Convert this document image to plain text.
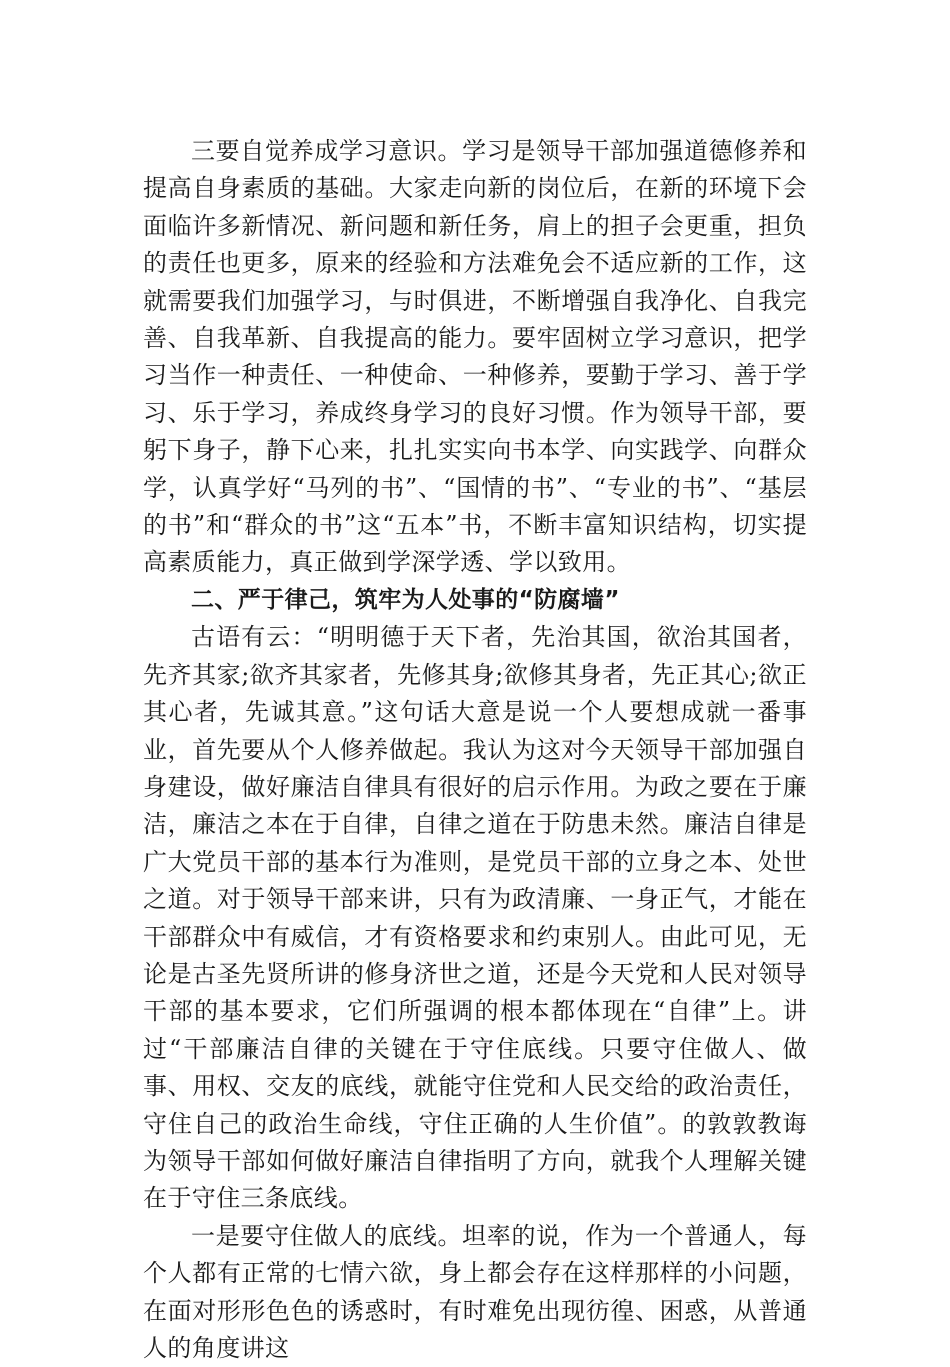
三要自觉养成学习意识。学习是领导干部加强道德修养和提高自身素质的基础。大家走向新的岗位后，在新的环境下会面临许多新情况、新问题和新任务，肩上的担子会更重，担负的责任也更多，原来的经验和方法难免会不适应新的工作，这就需要我们加强学习，与时俱进，不断增强自我净化、自我完善、自我革新、自我提高的能力。要牢固树立学习意识，把学习当作一种责任、一种使命、一种修养，要勤于学习、善于学习、乐于学习，养成终身学习的良好习惯。作为领导干部，要躬下身子，静下心来，扎扎实实向书本学、向实践学、向群众学，认真学好“马列的书”、“国情的书”、“专业的书”、“基层的书”和“群众的书”这“五本”书，不断丰富知识结构，切实提高素质能力，真正做到学深学透、学以致用。

二、严于律己，筑牢为人处事的“防腐墙”

古语有云：“明明德于天下者，先治其国，欲治其国者，先齐其家;欲齐其家者，先修其身;欲修其身者，先正其心;欲正其心者，先诚其意。”这句话大意是说一个人要想成就一番事业，首先要从个人修养做起。我认为这对今天领导干部加强自身建设，做好廉洁自律具有很好的启示作用。为政之要在于廉洁，廉洁之本在于自律，自律之道在于防患未然。廉洁自律是广大党员干部的基本行为准则，是党员干部的立身之本、处世之道。对于领导干部来讲，只有为政清廉、一身正气，才能在干部群众中有威信，才有资格要求和约束别人。由此可见，无论是古圣先贤所讲的修身济世之道，还是今天党和人民对领导干部的基本要求，它们所强调的根本都体现在“自律”上。讲过“干部廉洁自律的关键在于守住底线。只要守住做人、做事、用权、交友的底线，就能守住党和人民交给的政治责任，守住自己的政治生命线，守住正确的人生价值”。的敦敦教诲为领导干部如何做好廉洁自律指明了方向，就我个人理解关键在于守住三条底线。

一是要守住做人的底线。坦率的说，作为一个普通人，每个人都有正常的七情六欲，身上都会存在这样那样的小问题，在面对形形色色的诱惑时，有时难免出现彷徨、困惑，从普通人的角度讲这
